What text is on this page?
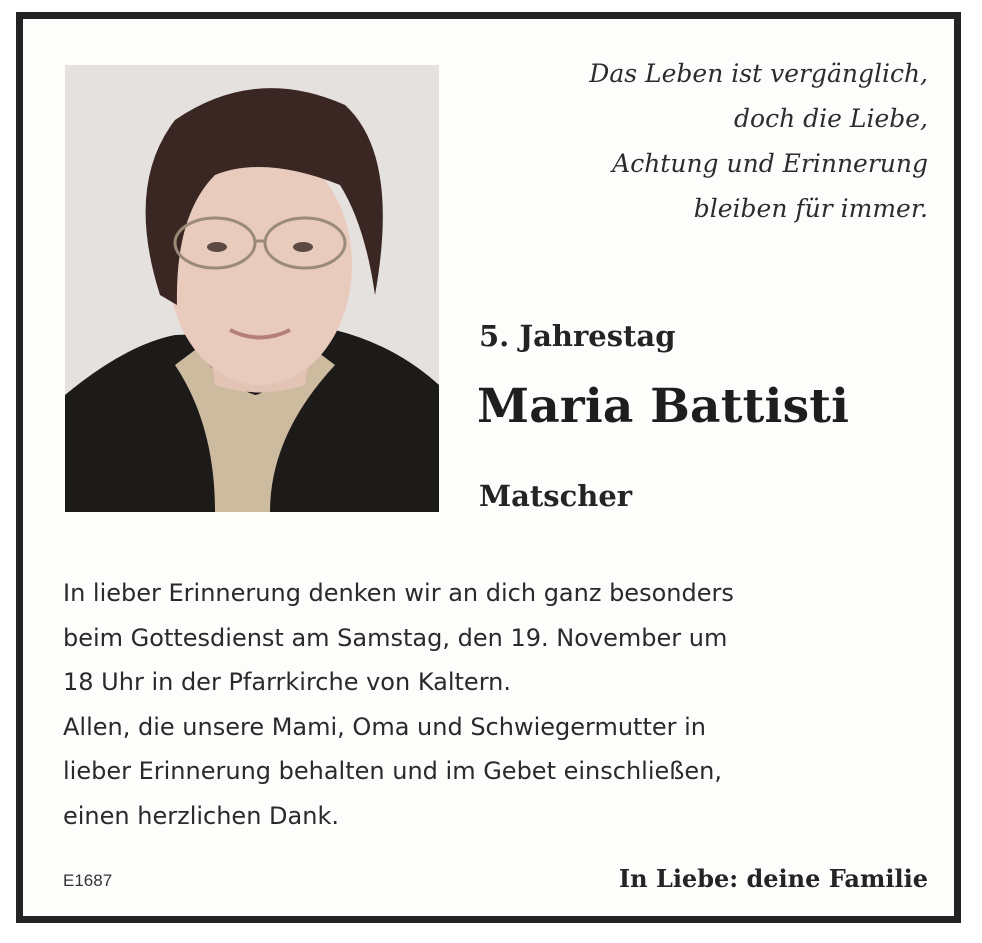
Das Leben ist vergänglich,
doch die Liebe,
Achtung und Erinnerung
bleiben für immer.
5. Jahrestag
Maria Battisti
Matscher
In lieber Erinnerung denken wir an dich ganz besonders
beim Gottesdienst am Samstag, den 19. November um
18 Uhr in der Pfarrkirche von Kaltern.
Allen, die unsere Mami, Oma und Schwiegermutter in
lieber Erinnerung behalten und im Gebet einschließen,
einen herzlichen Dank.
E1687	In Liebe: deine Familie
